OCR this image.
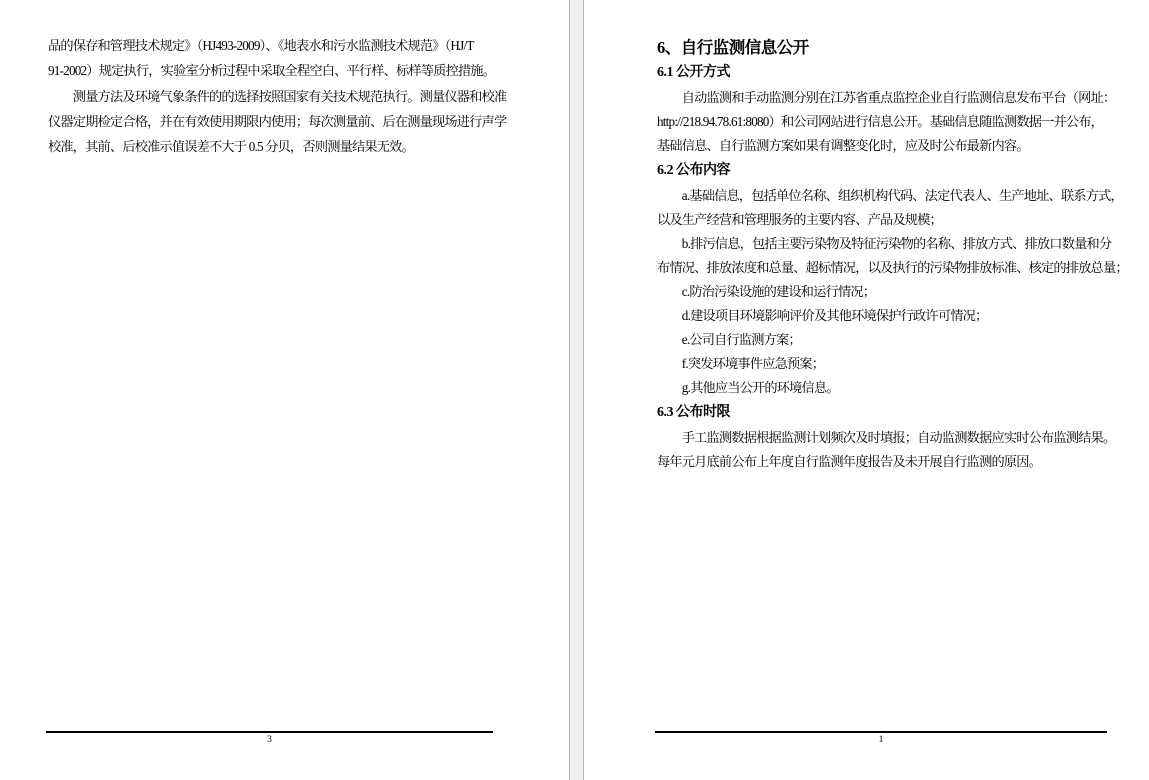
品的保存和管理技术规定》（HJ493-2009）、《地表水和污水监测技术规范》（HJ/T
91-2002）规定执行，实验室分析过程中采取全程空白、平行样、标样等质控措施。
　　测量方法及环境气象条件的的选择按照国家有关技术规范执行。测量仪器和校准
仪器定期检定合格，并在有效使用期限内使用；每次测量前、后在测量现场进行声学
校准，其前、后校准示值误差不大于 0.5 分贝，否则测量结果无效。
3
6、自行监测信息公开
6.1 公开方式
　　自动监测和手动监测分别在江苏省重点监控企业自行监测信息发布平台（网址：
http://218.94.78.61:8080）和公司网站进行信息公开。基础信息随监测数据一并公布，
基础信息、自行监测方案如果有调整变化时，应及时公布最新内容。
6.2 公布内容
　　a.基础信息，包括单位名称、组织机构代码、法定代表人、生产地址、联系方式，
以及生产经营和管理服务的主要内容、产品及规模；
　　b.排污信息，包括主要污染物及特征污染物的名称、排放方式、排放口数量和分
布情况、排放浓度和总量、超标情况，以及执行的污染物排放标准、核定的排放总量；
　　c.防治污染设施的建设和运行情况；
　　d.建设项目环境影响评价及其他环境保护行政许可情况；
　　e.公司自行监测方案；
　　f.突发环境事件应急预案；
　　g.其他应当公开的环境信息。
6.3 公布时限
　　手工监测数据根据监测计划频次及时填报；自动监测数据应实时公布监测结果。
每年元月底前公布上年度自行监测年度报告及未开展自行监测的原因。
1
